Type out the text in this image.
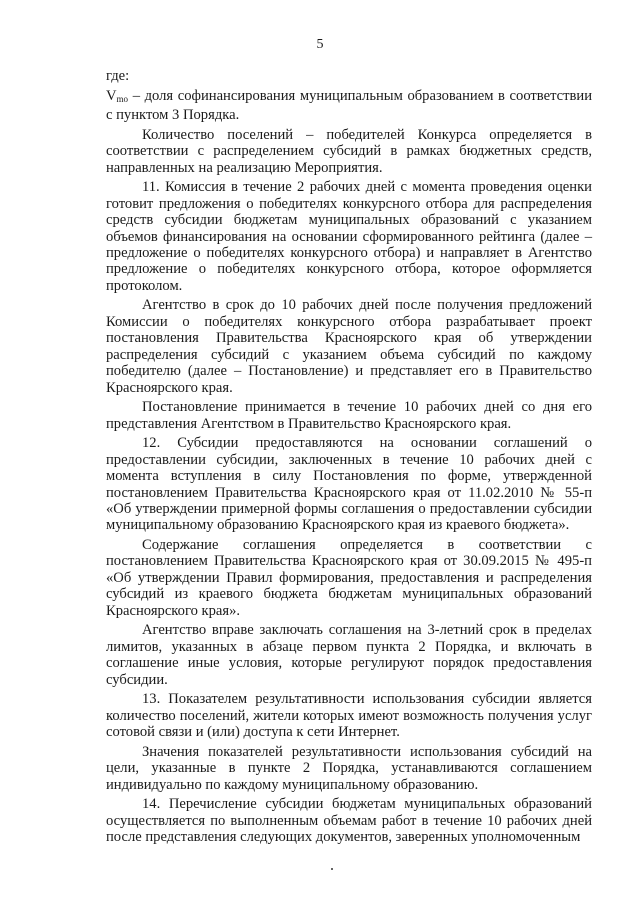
5

где:

$V_{mo}$ – доля софинансирования муниципальным образованием в соответствии с пунктом 3 Порядка.

Количество поселений – победителей Конкурса определяется в соответствии с распределением субсидий в рамках бюджетных средств, направленных на реализацию Мероприятия.

11. Комиссия в течение 2 рабочих дней с момента проведения оценки готовит предложения о победителях конкурсного отбора для распределения средств субсидии бюджетам муниципальных образований с указанием объемов финансирования на основании сформированного рейтинга (далее – предложение о победителях конкурсного отбора) и направляет в Агентство предложение о победителях конкурсного отбора, которое оформляется протоколом.

Агентство в срок до 10 рабочих дней после получения предложений Комиссии о победителях конкурсного отбора разрабатывает проект постановления Правительства Красноярского края об утверждении распределения субсидий с указанием объема субсидий по каждому победителю (далее – Постановление) и представляет его в Правительство Красноярского края.

Постановление принимается в течение 10 рабочих дней со дня его представления Агентством в Правительство Красноярского края.

12. Субсидии предоставляются на основании соглашений о предоставлении субсидии, заключенных в течение 10 рабочих дней с момента вступления в силу Постановления по форме, утвержденной постановлением Правительства Красноярского края от 11.02.2010 № 55-п «Об утверждении примерной формы соглашения о предоставлении субсидии муниципальному образованию Красноярского края из краевого бюджета».

Содержание соглашения определяется в соответствии с постановлением Правительства Красноярского края от 30.09.2015 № 495-п «Об утверждении Правил формирования, предоставления и распределения субсидий из краевого бюджета бюджетам муниципальных образований Красноярского края».

Агентство вправе заключать соглашения на 3-летний срок в пределах лимитов, указанных в абзаце первом пункта 2 Порядка, и включать в соглашение иные условия, которые регулируют порядок предоставления субсидии.

13. Показателем результативности использования субсидии является количество поселений, жители которых имеют возможность получения услуг сотовой связи и (или) доступа к сети Интернет.

Значения показателей результативности использования субсидий на цели, указанные в пункте 2 Порядка, устанавливаются соглашением индивидуально по каждому муниципальному образованию.

14. Перечисление субсидии бюджетам муниципальных образований осуществляется по выполненным объемам работ в течение 10 рабочих дней после представления следующих документов, заверенных уполномоченным
